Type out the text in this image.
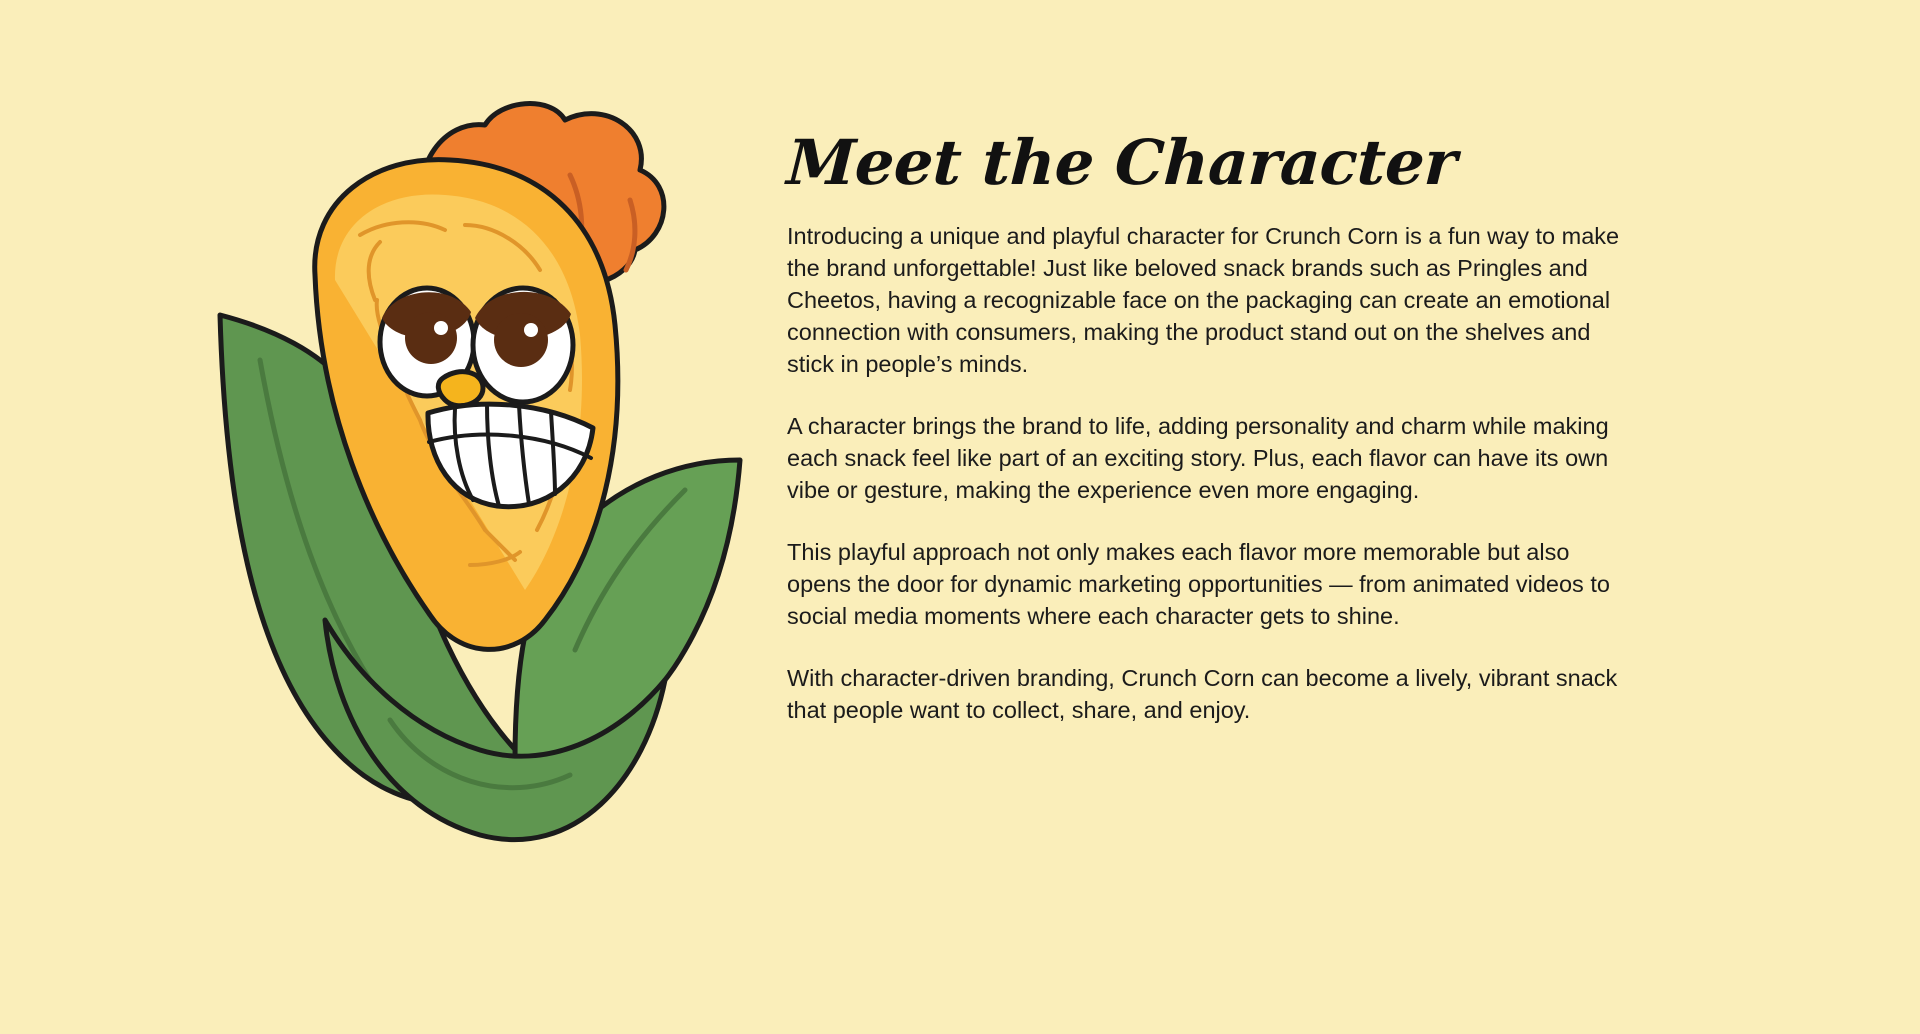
Meet the Character

Introducing a unique and playful character for Crunch Corn is a fun way to make the brand unforgettable! Just like beloved snack brands such as Pringles and Cheetos, having a recognizable face on the packaging can create an emotional connection with consumers, making the product stand out on the shelves and stick in people’s minds.

A character brings the brand to life, adding personality and charm while making each snack feel like part of an exciting story. Plus, each flavor can have its own vibe or gesture, making the experience even more engaging.

This playful approach not only makes each flavor more memorable but also opens the door for dynamic marketing opportunities — from animated videos to social media moments where each character gets to shine.

With character-driven branding, Crunch Corn can become a lively, vibrant snack that people want to collect, share, and enjoy.
